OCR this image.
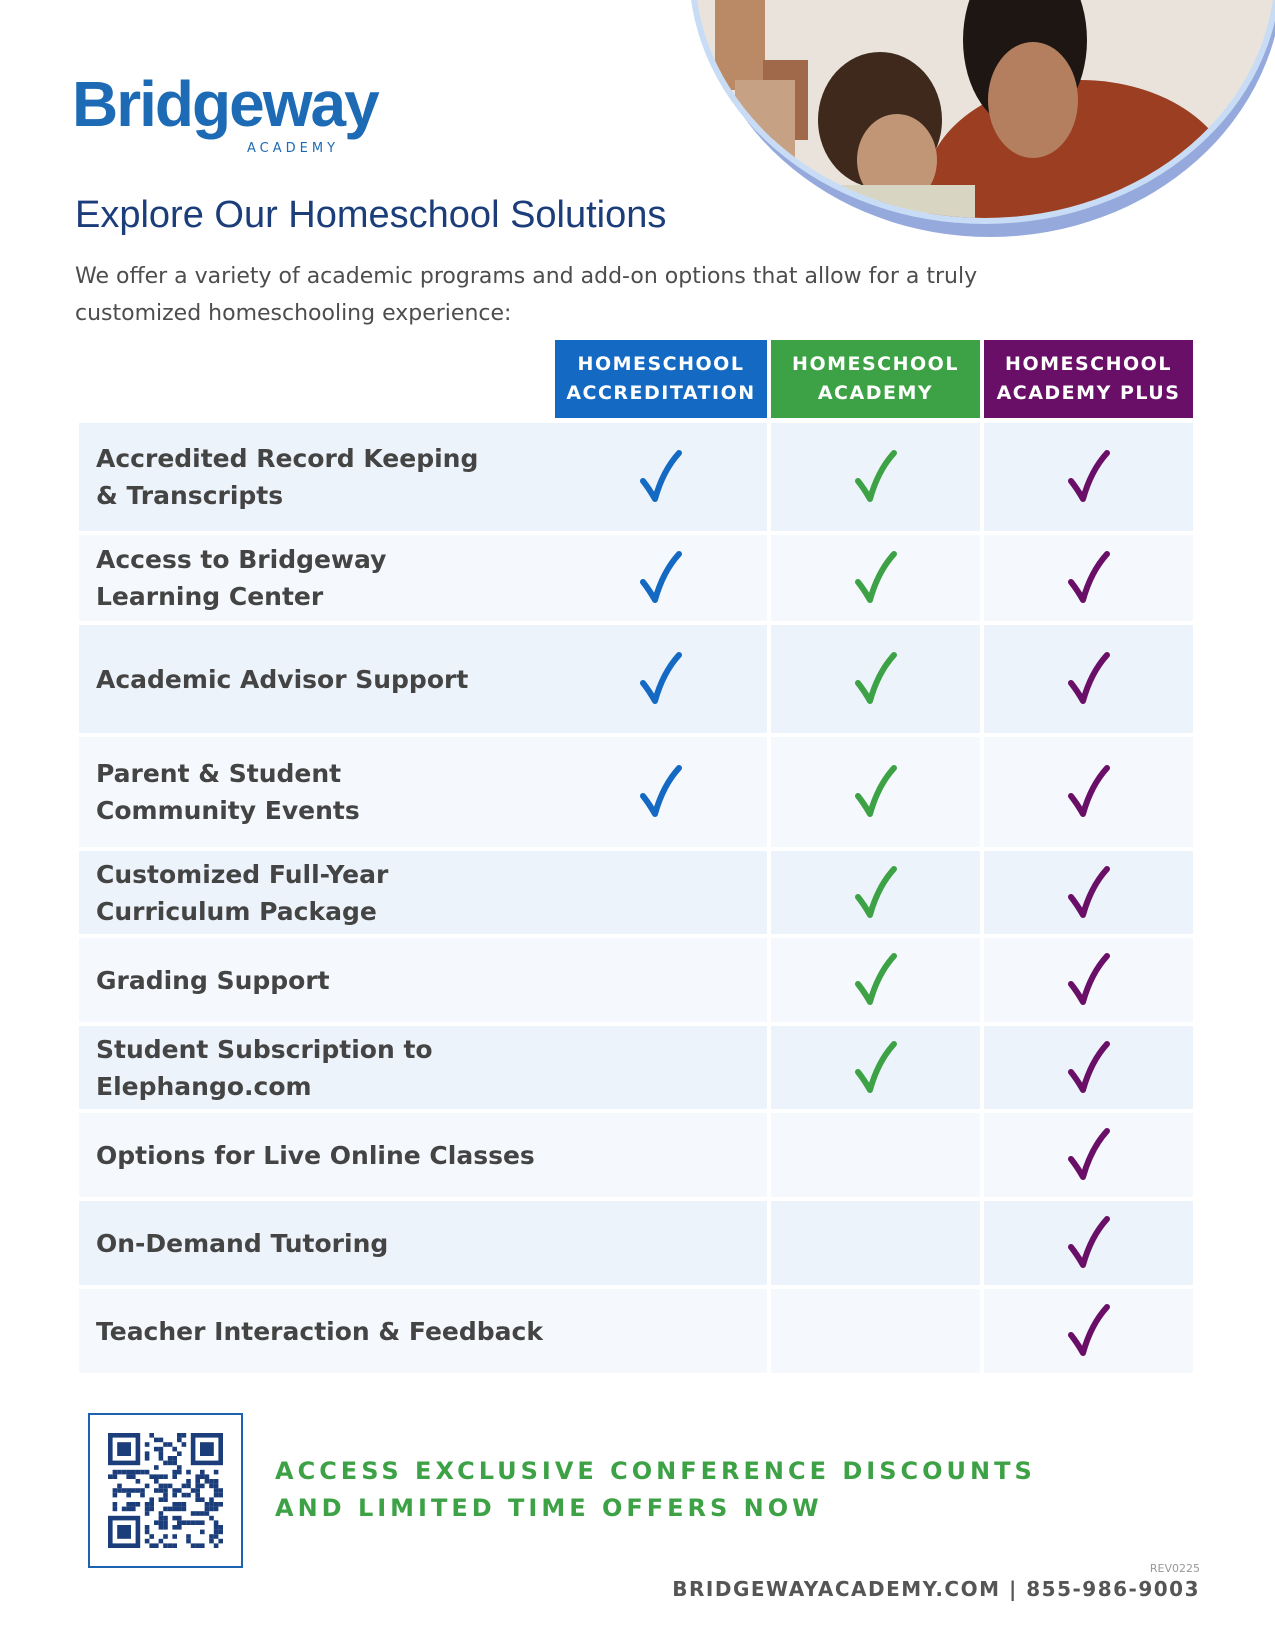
Bridgeway
ACADEMY
Explore Our Homeschool Solutions

We offer a variety of academic programs and add-on options that allow for a truly customized homeschooling experience:

HOMESCHOOL
ACCREDITATION
HOMESCHOOL
ACADEMY
HOMESCHOOL
ACADEMY PLUS
Accredited Record Keeping
& Transcripts
Access to Bridgeway
Learning Center
Academic Advisor Support
Parent & Student
Community Events
Customized Full-Year
Curriculum Package
Grading Support
Student Subscription to
Elephango.com
Options for Live Online Classes
On-Demand Tutoring
Teacher Interaction & Feedback

ACCESS EXCLUSIVE CONFERENCE DISCOUNTS
AND LIMITED TIME OFFERS NOW

REV0225
BRIDGEWAYACADEMY.COM | 855-986-9003
